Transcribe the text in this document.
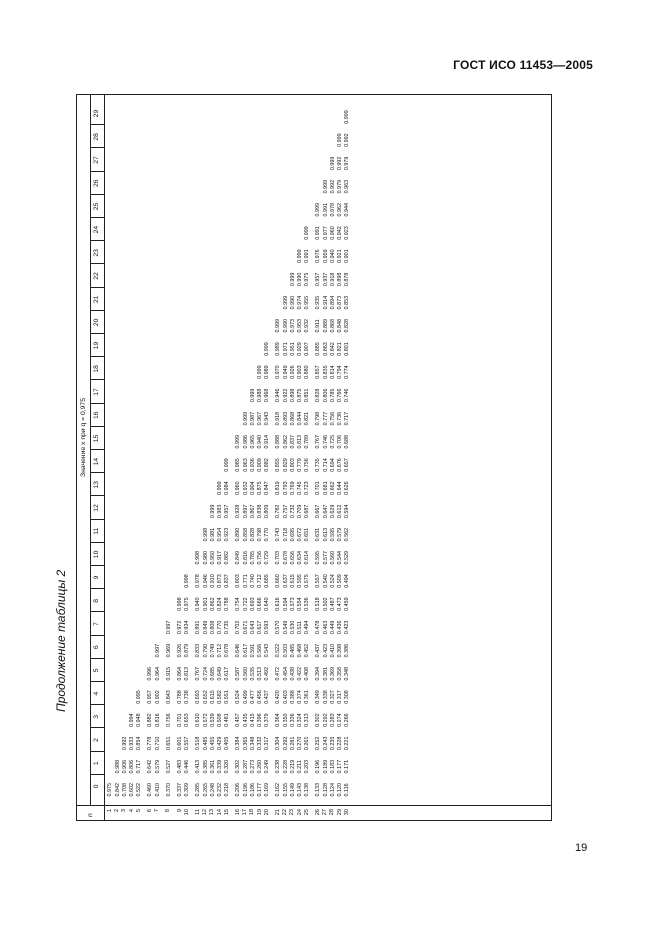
ГОСТ ИСО 11453—2005
Продолжение таблицы 2
n
Значение x при q = 0,975
0
1
2
3
4
5
6
7
8
9
10
11
12
13
14
15
16
17
18
19
20
21
22
23
24
25
26
27
28
29
1
0.975
2
0.842
0.988
3
0.708
0.906
0.992
4
0.602
0.806
0.933
0.994
5
0.522
0.717
0.854
0.948
0.995
6
0.460
0.642
0.778
0.882
0.957
0.996
7
0.410
0.579
0.710
0.816
0.902
0.964
0.997
8
0.370
0.527
0.651
0.756
0.843
0.915
0.969
0.997
9
0.337
0.483
0.601
0.701
0.788
0.864
0.926
0.972
0.998
10
0.309
0.446
0.557
0.653
0.738
0.813
0.879
0.934
0.975
0.998
11
0.285
0.413
0.518
0.610
0.693
0.767
0.833
0.891
0.940
0.978
0.998
12
0.265
0.385
0.485
0.572
0.652
0.724
0.790
0.849
0.901
0.946
0.980
0.998
13
0.248
0.361
0.455
0.539
0.615
0.685
0.749
0.808
0.862
0.910
0.950
0.981
0.999
14
0.232
0.339
0.429
0.508
0.582
0.649
0.712
0.770
0.824
0.873
0.917
0.954
0.983
0.999
15
0.218
0.320
0.405
0.481
0.551
0.617
0.678
0.735
0.788
0.837
0.882
0.923
0.957
0.984
0.999
16
0.206
0.302
0.384
0.457
0.524
0.587
0.646
0.702
0.754
0.803
0.849
0.890
0.928
0.960
0.985
0.999
17
0.196
0.287
0.365
0.435
0.499
0.560
0.617
0.671
0.722
0.771
0.816
0.858
0.897
0.932
0.963
0.986
0.999
18
0.186
0.273
0.348
0.415
0.477
0.535
0.591
0.643
0.693
0.740
0.785
0.828
0.867
0.904
0.936
0.965
0.987
0.999
19
0.177
0.260
0.332
0.396
0.456
0.513
0.566
0.617
0.666
0.712
0.756
0.798
0.838
0.875
0.909
0.940
0.967
0.988
0.999
20
0.169
0.249
0.317
0.379
0.437
0.492
0.543
0.593
0.640
0.685
0.729
0.770
0.809
0.847
0.882
0.914
0.943
0.968
0.989
0.999
21
0.162
0.238
0.304
0.364
0.420
0.472
0.522
0.570
0.616
0.660
0.703
0.743
0.782
0.819
0.855
0.888
0.918
0.946
0.970
0.989
0.999
22
0.155
0.228
0.292
0.350
0.403
0.454
0.503
0.549
0.594
0.637
0.678
0.718
0.757
0.793
0.829
0.862
0.893
0.922
0.949
0.971
0.990
0.999
23
0.149
0.219
0.281
0.336
0.388
0.438
0.485
0.530
0.573
0.615
0.656
0.695
0.732
0.769
0.803
0.837
0.868
0.898
0.926
0.951
0.973
0.990
0.999
24
0.143
0.211
0.270
0.324
0.374
0.422
0.468
0.511
0.554
0.595
0.634
0.672
0.709
0.745
0.779
0.813
0.844
0.875
0.903
0.929
0.953
0.974
0.990
0.999
25
0.138
0.203
0.261
0.313
0.361
0.408
0.452
0.494
0.536
0.575
0.614
0.651
0.687
0.723
0.756
0.789
0.821
0.851
0.880
0.907
0.932
0.955
0.975
0.991
0.999
26
0.133
0.196
0.252
0.302
0.349
0.394
0.437
0.478
0.518
0.557
0.595
0.631
0.667
0.701
0.735
0.767
0.798
0.828
0.857
0.885
0.911
0.935
0.957
0.976
0.991
0.999
27
0.128
0.189
0.243
0.292
0.338
0.381
0.423
0.463
0.502
0.540
0.577
0.613
0.647
0.681
0.714
0.746
0.777
0.806
0.835
0.863
0.889
0.914
0.937
0.959
0.977
0.991
0.999
28
0.124
0.183
0.235
0.283
0.327
0.369
0.410
0.449
0.487
0.524
0.560
0.595
0.629
0.662
0.694
0.725
0.756
0.785
0.814
0.842
0.868
0.894
0.918
0.940
0.960
0.978
0.992
0.999
29
0.120
0.177
0.228
0.274
0.317
0.358
0.398
0.436
0.473
0.509
0.544
0.579
0.612
0.644
0.676
0.706
0.736
0.766
0.794
0.821
0.848
0.873
0.898
0.921
0.942
0.962
0.979
0.992
0.999
30
0.116
0.171
0.221
0.266
0.308
0.348
0.386
0.423
0.459
0.494
0.529
0.562
0.594
0.626
0.657
0.688
0.717
0.746
0.774
0.801
0.828
0.853
0.878
0.901
0.923
0.944
0.963
0.979
0.992
0.999
19
